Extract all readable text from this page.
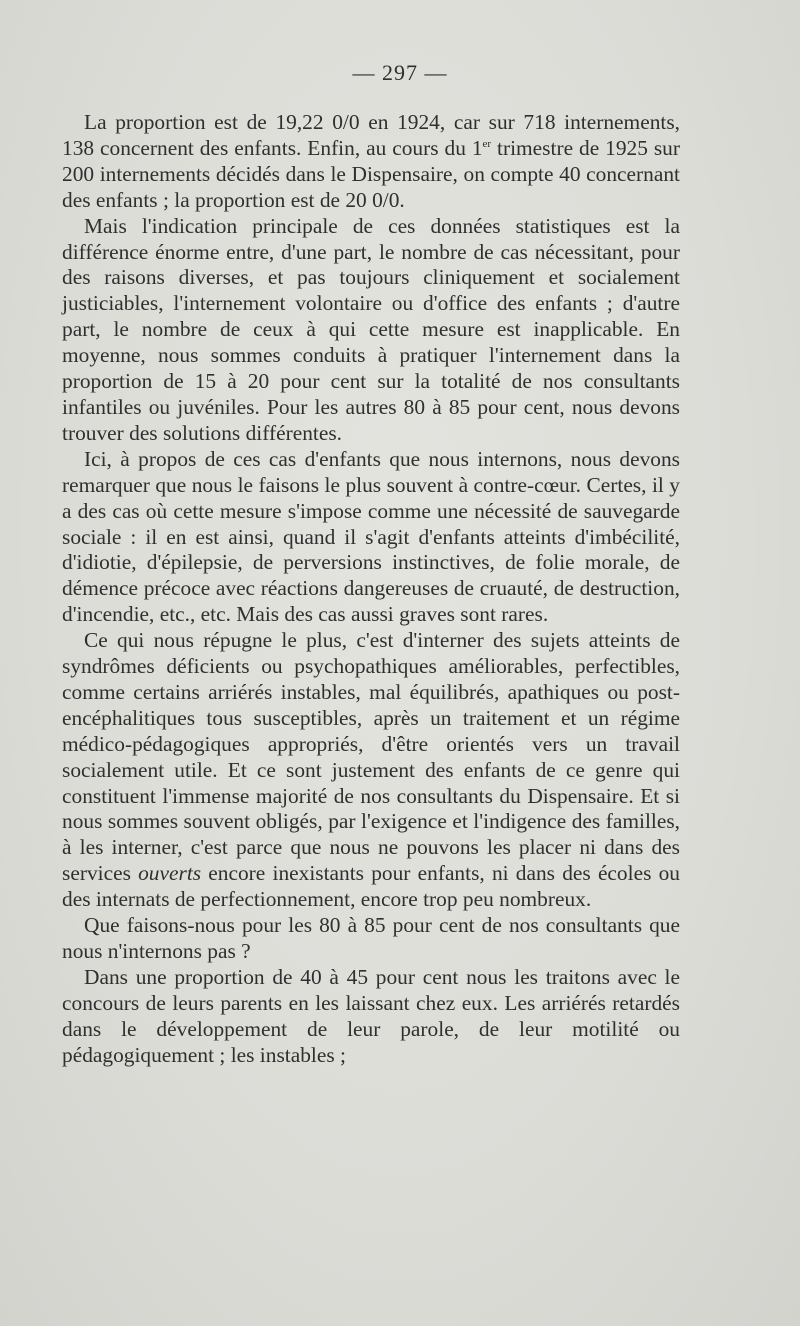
— 297 —

La proportion est de 19,22 0/0 en 1924, car sur 718 internements, 138 concernent des enfants. Enfin, au cours du 1er trimestre de 1925 sur 200 internements décidés dans le Dispensaire, on compte 40 concernant des enfants ; la proportion est de 20 0/0.

Mais l'indication principale de ces données statistiques est la différence énorme entre, d'une part, le nombre de cas nécessitant, pour des raisons diverses, et pas toujours cliniquement et socialement justiciables, l'internement volontaire ou d'office des enfants ; d'autre part, le nombre de ceux à qui cette mesure est inapplicable. En moyenne, nous sommes conduits à pratiquer l'internement dans la proportion de 15 à 20 pour cent sur la totalité de nos consultants infantiles ou juvéniles. Pour les autres 80 à 85 pour cent, nous devons trouver des solutions différentes.

Ici, à propos de ces cas d'enfants que nous internons, nous devons remarquer que nous le faisons le plus souvent à contre-cœur. Certes, il y a des cas où cette mesure s'impose comme une nécessité de sauvegarde sociale : il en est ainsi, quand il s'agit d'enfants atteints d'imbécilité, d'idiotie, d'épilepsie, de perversions instinctives, de folie morale, de démence précoce avec réactions dangereuses de cruauté, de destruction, d'incendie, etc., etc. Mais des cas aussi graves sont rares.

Ce qui nous répugne le plus, c'est d'interner des sujets atteints de syndrômes déficients ou psychopathiques améliorables, perfectibles, comme certains arriérés instables, mal équilibrés, apathiques ou post-encéphalitiques tous susceptibles, après un traitement et un régime médico-pédagogiques appropriés, d'être orientés vers un travail socialement utile. Et ce sont justement des enfants de ce genre qui constituent l'immense majorité de nos consultants du Dispensaire. Et si nous sommes souvent obligés, par l'exigence et l'indigence des familles, à les interner, c'est parce que nous ne pouvons les placer ni dans des services ouverts encore inexistants pour enfants, ni dans des écoles ou des internats de perfectionnement, encore trop peu nombreux.

Que faisons-nous pour les 80 à 85 pour cent de nos consultants que nous n'internons pas ?

Dans une proportion de 40 à 45 pour cent nous les traitons avec le concours de leurs parents en les laissant chez eux. Les arriérés retardés dans le développement de leur parole, de leur motilité ou pédagogiquement ; les instables ;
